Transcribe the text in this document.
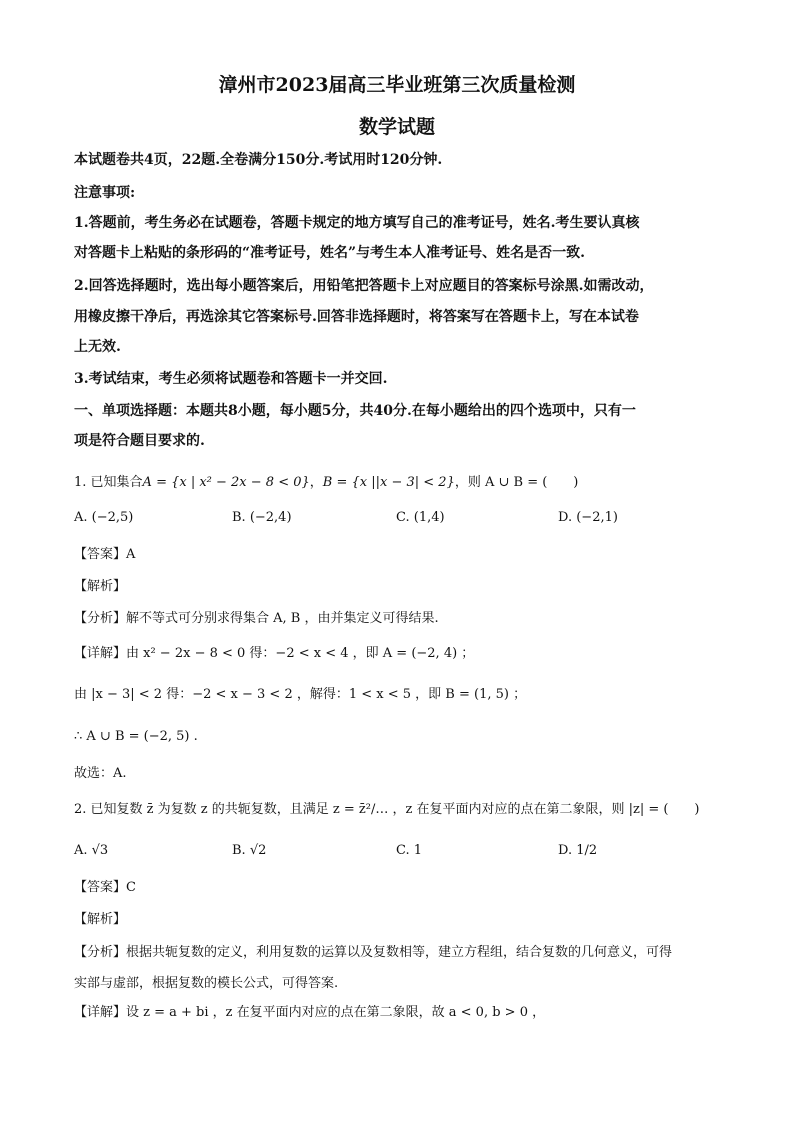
漳州市2023届高三毕业班第三次质量检测
数学试题
本试题卷共4页，22题.全卷满分150分.考试用时120分钟.
注意事项:
1.答题前，考生务必在试题卷，答题卡规定的地方填写自己的准考证号，姓名.考生要认真核
对答题卡上粘贴的条形码的“准考证号，姓名”与考生本人准考证号、姓名是否一致.
2.回答选择题时，选出每小题答案后，用铅笔把答题卡上对应题目的答案标号涂黑.如需改动，
用橡皮擦干净后，再选涂其它答案标号.回答非选择题时，将答案写在答题卡上，写在本试卷
上无效.
3.考试结束，考生必须将试题卷和答题卡一并交回.
一、单项选择题：本题共8小题，每小题5分，共40分.在每小题给出的四个选项中，只有一
项是符合题目要求的.
1. 已知集合A = {x | x² − 2x − 8 < 0}，B = {x ||x − 3| < 2}，则 A ∪ B = (　　)
A. (−2,5)	B. (−2,4)	C. (1,4)	D. (−2,1)
【答案】A
【解析】
【分析】解不等式可分别求得集合 A, B ，由并集定义可得结果.
【详解】由 x² − 2x − 8 < 0 得：−2 < x < 4 ，即 A = (−2, 4) ；
由 |x − 3| < 2 得：−2 < x − 3 < 2 ，解得：1 < x < 5 ，即 B = (1, 5) ；
∴ A ∪ B = (−2, 5) .
故选：A.
2. 已知复数 z̄ 为复数 z 的共轭复数，且满足 z = z̄²/… ，z 在复平面内对应的点在第二象限，则 |z| = (　　)
A. √3	B. √2	C. 1	D. 1/2
【答案】C
【解析】
【分析】根据共轭复数的定义，利用复数的运算以及复数相等，建立方程组，结合复数的几何意义，可得
实部与虚部，根据复数的模长公式，可得答案.
【详解】设 z = a + bi ，z 在复平面内对应的点在第二象限，故 a < 0, b > 0 ，
